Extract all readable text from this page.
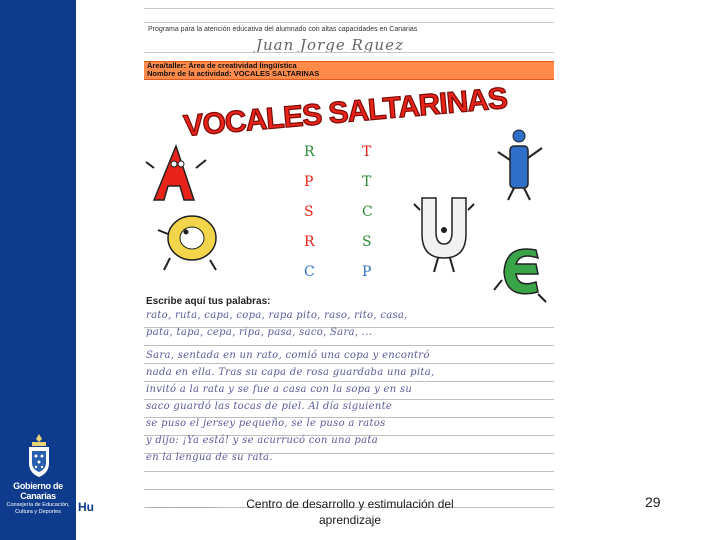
Gobierno de Canarias
Consejería de Educación, Cultura y Deportes	Hu
Programa para la atención educativa del alumnado con altas capacidades en Canarias
Juan Jorge Rguez
Área/taller: Área de creatividad lingüística
Nombre de la actividad: VOCALES SALTARINAS
VOCALES SALTARINAS
R
P
S
R
C
T
T
C
S
P
Escribe aquí tus palabras:
rato, ruta, capa, copa, rapa pito, raso, rito, casa,
pata, tapa, cepa, ripa, pasa, saco, Sara, ...
Sara, sentada en un rato, comió una copa y encontró
nada en ella. Tras su capa de rosa guardaba una pita,
invitó a la rata y se fue a casa con la sopa y en su
saco guardó las tocas de piel. Al día siguiente
se puso el jersey pequeño, se le puso a ratos
y dijo: ¡Ya está! y se acurrucó con una pata
en la lengua de su rata.
..........................................	Centro de desarrollo y estimulación del
aprendizaje
29
